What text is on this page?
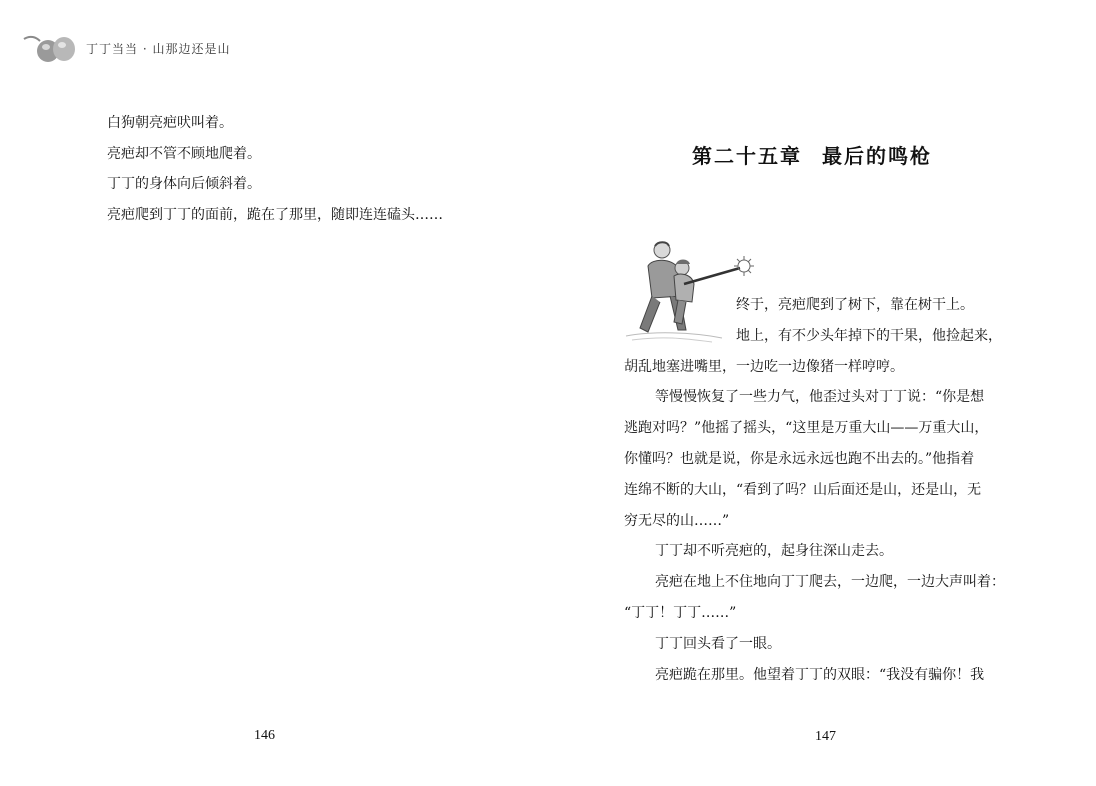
丁丁当当 · 山那边还是山

白狗朝亮疤吠叫着。

亮疤却不管不顾地爬着。

丁丁的身体向后倾斜着。

亮疤爬到丁丁的面前，跪在了那里，随即连连磕头……

146
第二十五章 最后的鸣枪

终于，亮疤爬到了树下，靠在树干上。

地上，有不少头年掉下的干果，他捡起来，

胡乱地塞进嘴里，一边吃一边像猪一样哼哼。

等慢慢恢复了一些力气，他歪过头对丁丁说：“你是想

逃跑对吗？”他摇了摇头，“这里是万重大山——万重大山，

你懂吗？也就是说，你是永远永远也跑不出去的。”他指着

连绵不断的大山，“看到了吗？山后面还是山，还是山，无

穷无尽的山……”

丁丁却不听亮疤的，起身往深山走去。

亮疤在地上不住地向丁丁爬去，一边爬，一边大声叫着：

“丁丁！丁丁……”

丁丁回头看了一眼。

亮疤跪在那里。他望着丁丁的双眼：“我没有骗你！我

147
